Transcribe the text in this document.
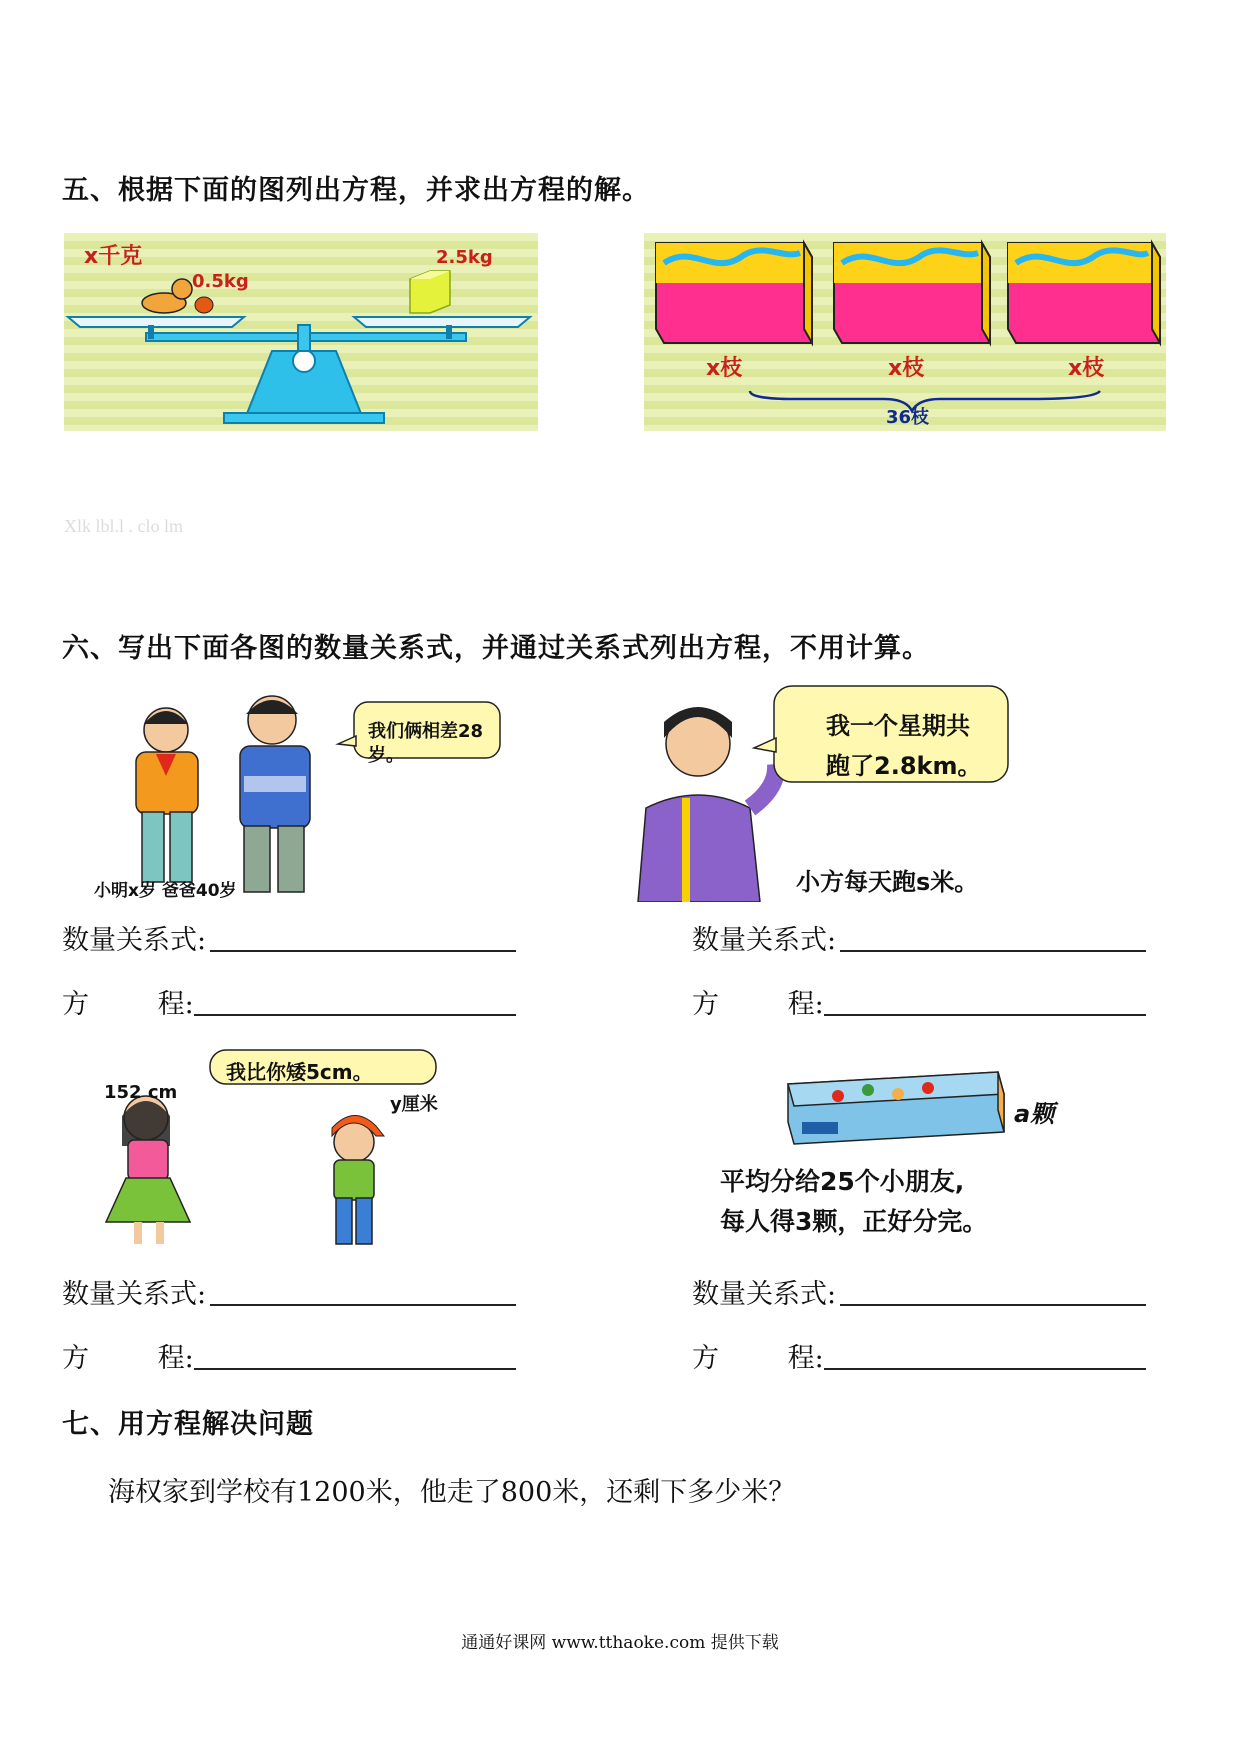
五、根据下面的图列出方程，并求出方程的解。
x千克
0.5kg
2.5kg
x枝	x枝	x枝
36枝
Xlk lbl.l . clo lm
六、写出下面各图的数量关系式，并通过关系式列出方程，不用计算。
我们俩相差28岁。
小明x岁 爸爸40岁
我一个星期共
跑了2.8km。
小方每天跑s米。
数量关系式:
方 程:
数量关系式:
方 程:
我比你矮5cm。
152 cm
y厘米	a颗
平均分给25个小朋友,
每人得3颗，正好分完。
数量关系式:
方 程:
数量关系式:
方 程:
七、用方程解决问题
海权家到学校有1200米，他走了800米，还剩下多少米？
通通好课网 www.tthaoke.com 提供下载
